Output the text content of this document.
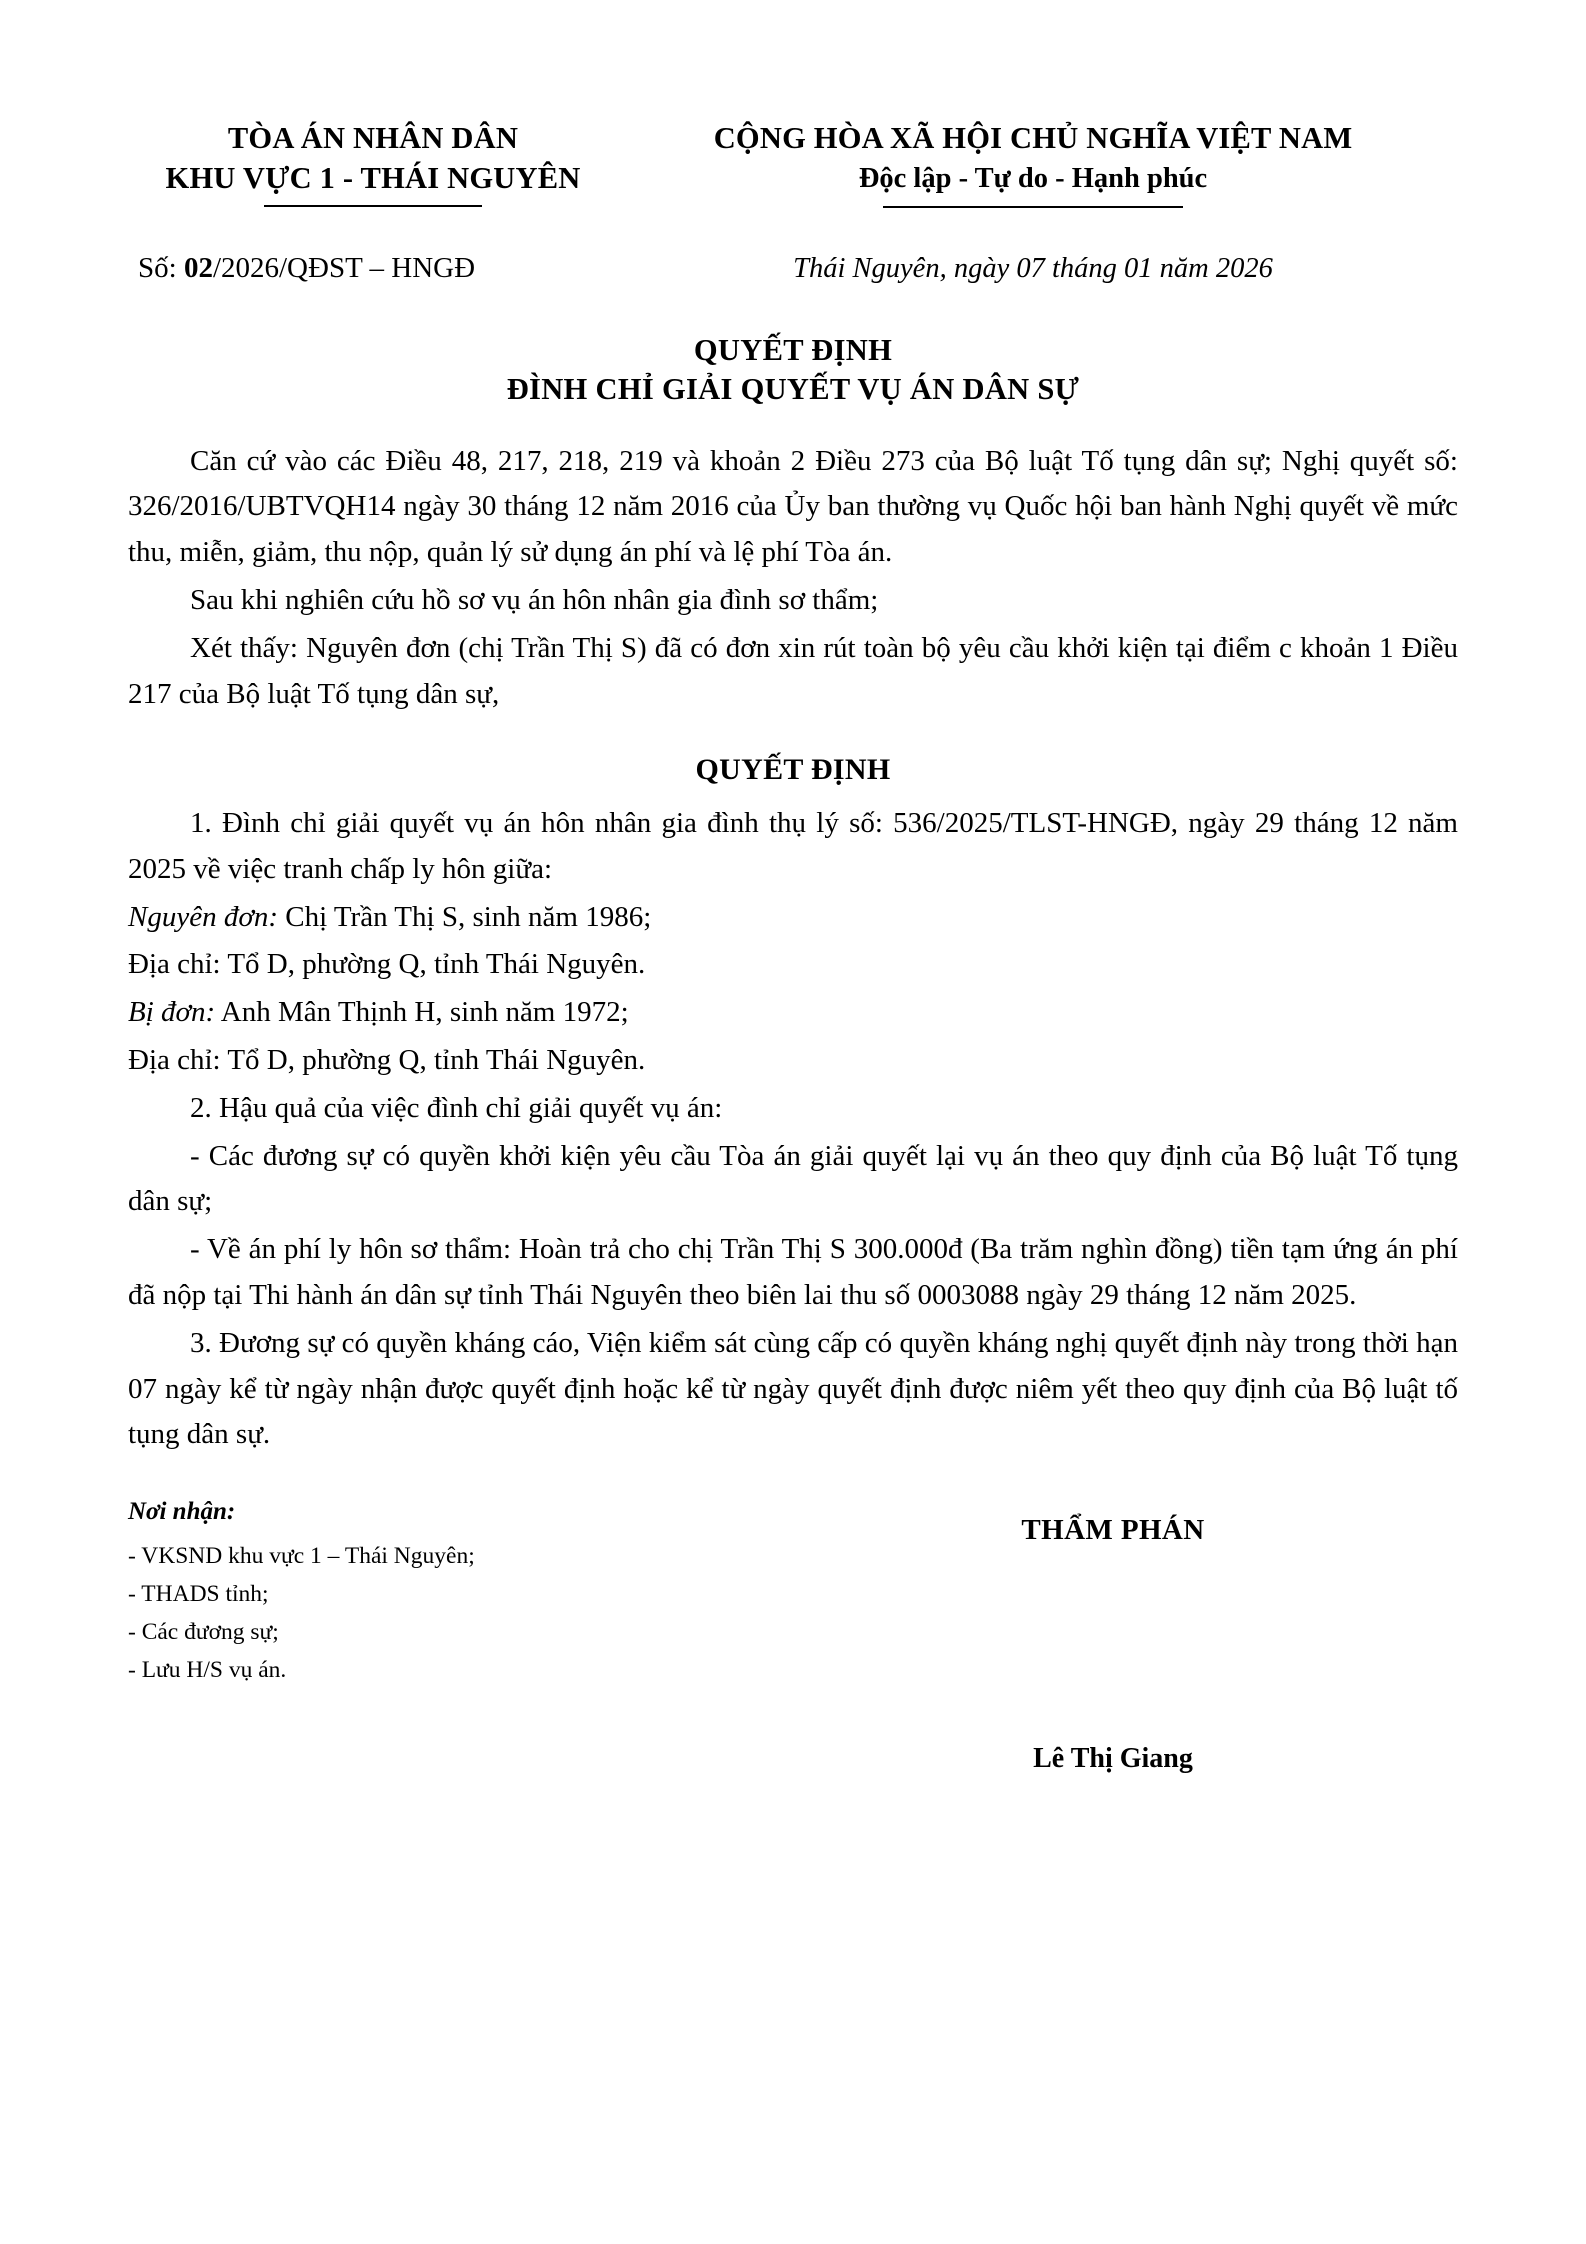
TÒA ÁN NHÂN DÂN
KHU VỰC 1 - THÁI NGUYÊN
CỘNG HÒA XÃ HỘI CHỦ NGHĨA VIỆT NAM
Độc lập - Tự do - Hạnh phúc
Số: 02/2026/QĐST – HNGĐ	Thái Nguyên, ngày 07 tháng 01 năm 2026
QUYẾT ĐỊNH
ĐÌNH CHỈ GIẢI QUYẾT VỤ ÁN DÂN SỰ

Căn cứ vào các Điều 48, 217, 218, 219 và khoản 2 Điều 273 của Bộ luật Tố tụng dân sự; Nghị quyết số: 326/2016/UBTVQH14 ngày 30 tháng 12 năm 2016 của Ủy ban thường vụ Quốc hội ban hành Nghị quyết về mức thu, miễn, giảm, thu nộp, quản lý sử dụng án phí và lệ phí Tòa án.

Sau khi nghiên cứu hồ sơ vụ án hôn nhân gia đình sơ thẩm;

Xét thấy: Nguyên đơn (chị Trần Thị S) đã có đơn xin rút toàn bộ yêu cầu khởi kiện tại điểm c khoản 1 Điều 217 của Bộ luật Tố tụng dân sự,

QUYẾT ĐỊNH

1. Đình chỉ giải quyết vụ án hôn nhân gia đình thụ lý số: 536/2025/TLST-HNGĐ, ngày 29 tháng 12 năm 2025 về việc tranh chấp ly hôn giữa:

Nguyên đơn: Chị Trần Thị S, sinh năm 1986;

Địa chỉ: Tổ D, phường Q, tỉnh Thái Nguyên.

Bị đơn: Anh Mân Thịnh H, sinh năm 1972;

Địa chỉ: Tổ D, phường Q, tỉnh Thái Nguyên.

2. Hậu quả của việc đình chỉ giải quyết vụ án:

- Các đương sự có quyền khởi kiện yêu cầu Tòa án giải quyết lại vụ án theo quy định của Bộ luật Tố tụng dân sự;

- Về án phí ly hôn sơ thẩm: Hoàn trả cho chị Trần Thị S 300.000đ (Ba trăm nghìn đồng) tiền tạm ứng án phí đã nộp tại Thi hành án dân sự tỉnh Thái Nguyên theo biên lai thu số 0003088 ngày 29 tháng 12 năm 2025.

3. Đương sự có quyền kháng cáo, Viện kiểm sát cùng cấp có quyền kháng nghị quyết định này trong thời hạn 07 ngày kể từ ngày nhận được quyết định hoặc kể từ ngày quyết định được niêm yết theo quy định của Bộ luật tố tụng dân sự.

Nơi nhận:
- VKSND khu vực 1 – Thái Nguyên;
- THADS tỉnh;
- Các đương sự;
- Lưu H/S vụ án.
THẨM PHÁN
Lê Thị Giang
